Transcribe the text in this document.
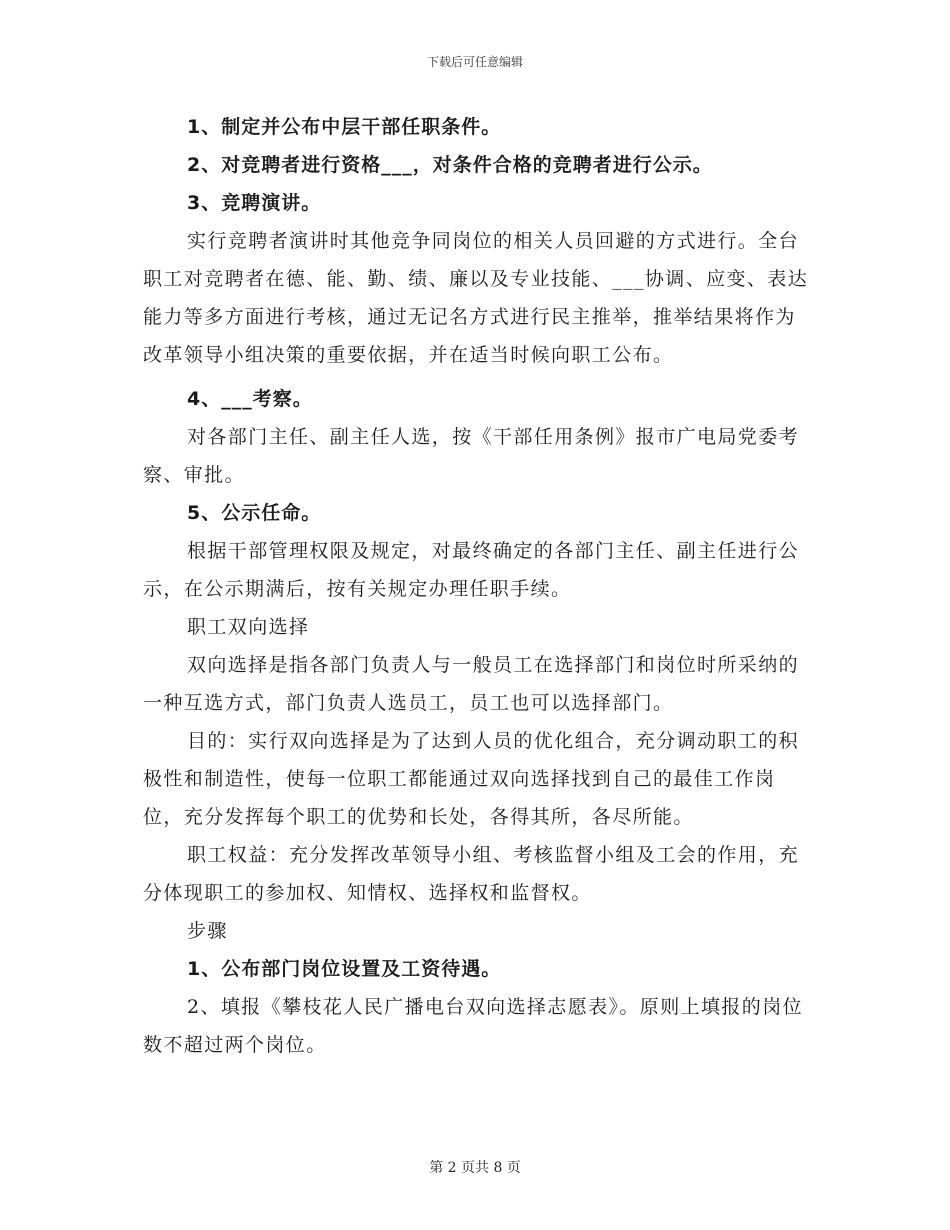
下载后可任意编辑
1、制定并公布中层干部任职条件。
2、对竞聘者进行资格___，对条件合格的竞聘者进行公示。
3、竞聘演讲。

实行竞聘者演讲时其他竞争同岗位的相关人员回避的方式进行。全台职工对竞聘者在德、能、勤、绩、廉以及专业技能、___协调、应变、表达能力等多方面进行考核，通过无记名方式进行民主推举，推举结果将作为改革领导小组决策的重要依据，并在适当时候向职工公布。

4、___考察。

对各部门主任、副主任人选，按《干部任用条例》报市广电局党委考察、审批。

5、公示任命。

根据干部管理权限及规定，对最终确定的各部门主任、副主任进行公示，在公示期满后，按有关规定办理任职手续。

职工双向选择

双向选择是指各部门负责人与一般员工在选择部门和岗位时所采纳的一种互选方式，部门负责人选员工，员工也可以选择部门。

目的：实行双向选择是为了达到人员的优化组合，充分调动职工的积极性和制造性，使每一位职工都能通过双向选择找到自己的最佳工作岗位，充分发挥每个职工的优势和长处，各得其所，各尽所能。

职工权益：充分发挥改革领导小组、考核监督小组及工会的作用，充分体现职工的参加权、知情权、选择权和监督权。

步骤

1、公布部门岗位设置及工资待遇。

2、填报《攀枝花人民广播电台双向选择志愿表》。原则上填报的岗位数不超过两个岗位。

第 2 页共 8 页
